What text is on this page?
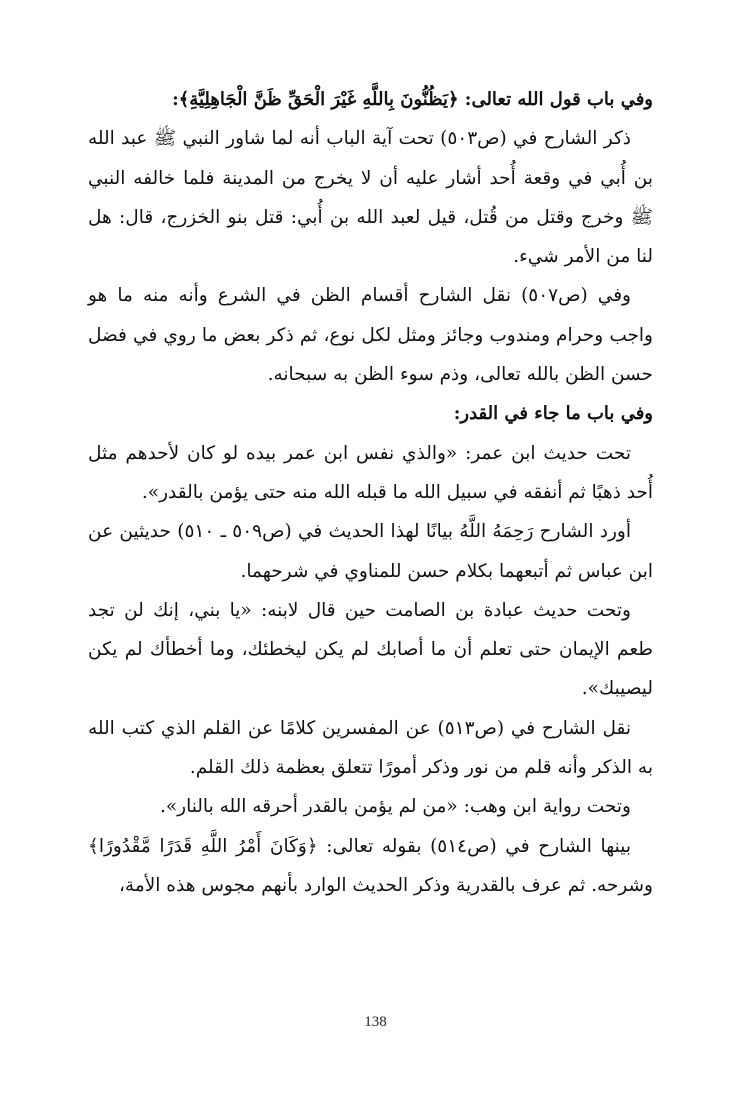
وفي باب قول الله تعالى: ﴿يَظُنُّونَ بِاللَّهِ غَيْرَ الْحَقِّ ظَنَّ الْجَاهِلِيَّةِ﴾:

ذكر الشارح في (ص٥٠٣) تحت آية الباب أنه لما شاور النبي ﷺ عبد الله بن أُبي في وقعة أُحد أشار عليه أن لا يخرج من المدينة فلما خالفه النبي ﷺ وخرج وقتل من قُتل، قيل لعبد الله بن أُبي: قتل بنو الخزرج، قال: هل لنا من الأمر شيء.

وفي (ص٥٠٧) نقل الشارح أقسام الظن في الشرع وأنه منه ما هو واجب وحرام ومندوب وجائز ومثل لكل نوع، ثم ذكر بعض ما روي في فضل حسن الظن بالله تعالى، وذم سوء الظن به سبحانه.

وفي باب ما جاء في القدر:

تحت حديث ابن عمر: «والذي نفس ابن عمر بيده لو كان لأحدهم مثل أُحد ذهبًا ثم أنفقه في سبيل الله ما قبله الله منه حتى يؤمن بالقدر».

أورد الشارح رَحِمَهُ اللَّهُ بيانًا لهذا الحديث في (ص٥٠٩ ـ ٥١٠) حديثين عن ابن عباس ثم أتبعهما بكلام حسن للمناوي في شرحهما.

وتحت حديث عبادة بن الصامت حين قال لابنه: «يا بني، إنك لن تجد طعم الإيمان حتى تعلم أن ما أصابك لم يكن ليخطئك، وما أخطأك لم يكن ليصيبك».

نقل الشارح في (ص٥١٣) عن المفسرين كلامًا عن القلم الذي كتب الله به الذكر وأنه قلم من نور وذكر أمورًا تتعلق بعظمة ذلك القلم.

وتحت رواية ابن وهب: «من لم يؤمن بالقدر أحرقه الله بالنار».

بينها الشارح في (ص٥١٤) بقوله تعالى: ﴿وَكَانَ أَمْرُ اللَّهِ قَدَرًا مَّقْدُورًا﴾ وشرحه. ثم عرف بالقدرية وذكر الحديث الوارد بأنهم مجوس هذه الأمة،

138
